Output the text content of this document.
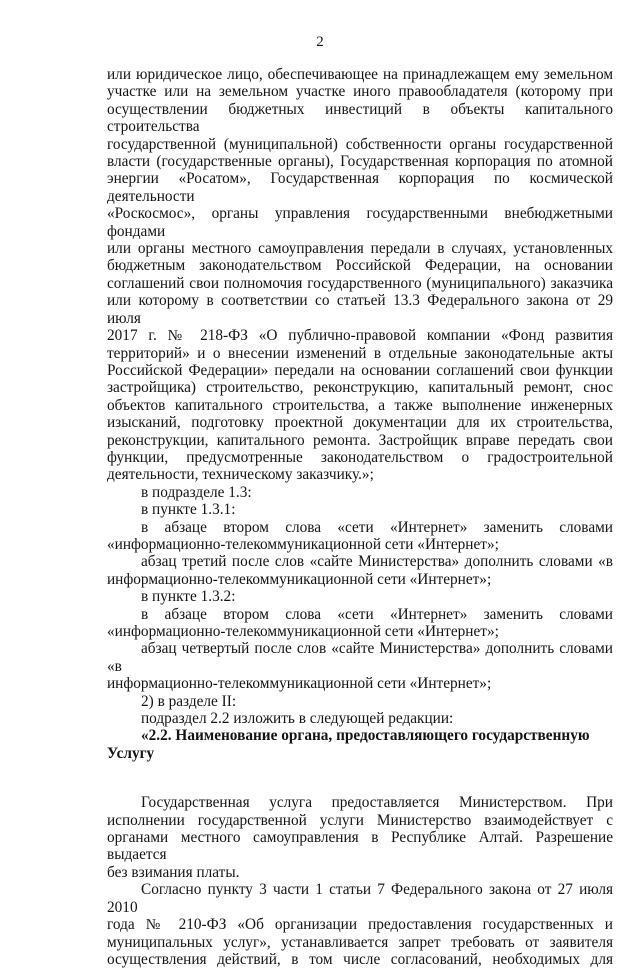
2

или юридическое лицо, обеспечивающее на принадлежащем ему земельном

участке или на земельном участке иного правообладателя (которому при

осуществлении бюджетных инвестиций в объекты капитального строительства

государственной (муниципальной) собственности органы государственной

власти (государственные органы), Государственная корпорация по атомной

энергии «Росатом», Государственная корпорация по космической деятельности

«Роскосмос», органы управления государственными внебюджетными фондами

или органы местного самоуправления передали в случаях, установленных

бюджетным законодательством Российской Федерации, на основании

соглашений свои полномочия государственного (муниципального) заказчика

или которому в соответствии со статьей 13.3 Федерального закона от 29 июля

2017 г. № 218-ФЗ «О публично-правовой компании «Фонд развития

территорий» и о внесении изменений в отдельные законодательные акты

Российской Федерации» передали на основании соглашений свои функции

застройщика) строительство, реконструкцию, капитальный ремонт, снос

объектов капитального строительства, а также выполнение инженерных

изысканий, подготовку проектной документации для их строительства,

реконструкции, капитального ремонта. Застройщик вправе передать свои

функции, предусмотренные законодательством о градостроительной

деятельности, техническому заказчику.»;

в подразделе 1.3:

в пункте 1.3.1:

в абзаце втором слова «сети «Интернет» заменить словами

«информационно-телекоммуникационной сети «Интернет»;

абзац третий после слов «сайте Министерства» дополнить словами «в

информационно-телекоммуникационной сети «Интернет»;

в пункте 1.3.2:

в абзаце втором слова «сети «Интернет» заменить словами

«информационно-телекоммуникационной сети «Интернет»;

абзац четвертый после слов «сайте Министерства» дополнить словами «в

информационно-телекоммуникационной сети «Интернет»;

2) в разделе II:

подраздел 2.2 изложить в следующей редакции:

«2.2. Наименование органа, предоставляющего государственную

Услугу

Государственная услуга предоставляется Министерством. При

исполнении государственной услуги Министерство взаимодействует с

органами местного самоуправления в Республике Алтай. Разрешение выдается

без взимания платы.

Согласно пункту 3 части 1 статьи 7 Федерального закона от 27 июля 2010

года № 210-ФЗ «Об организации предоставления государственных и

муниципальных услуг», устанавливается запрет требовать от заявителя

осуществления действий, в том числе согласований, необходимых для
